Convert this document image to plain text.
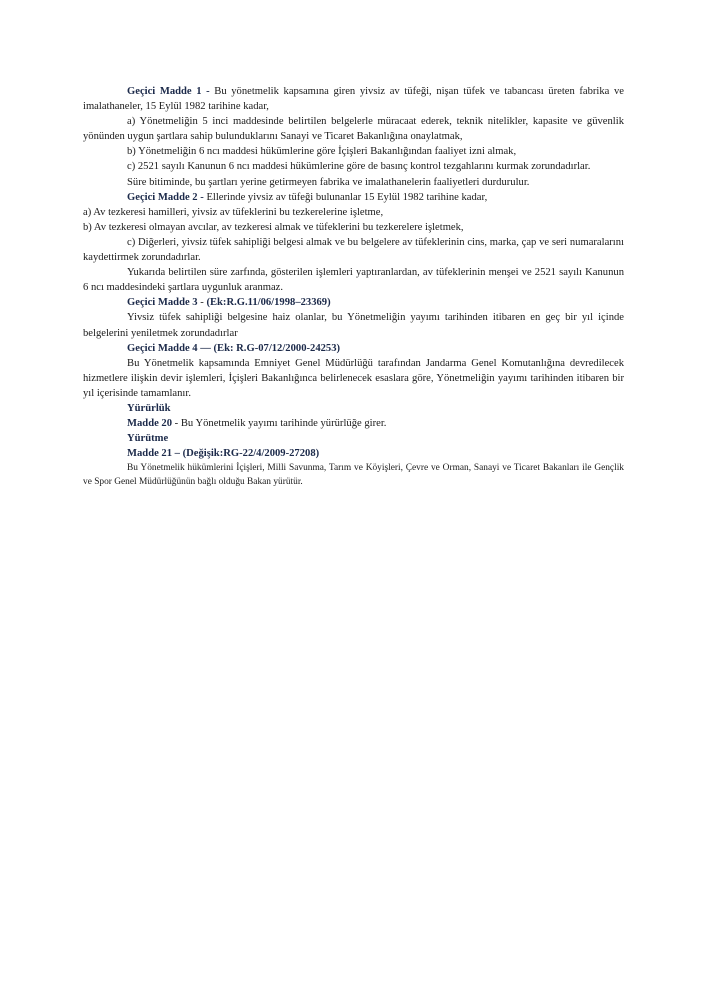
Geçici Madde 1 - Bu yönetmelik kapsamına giren yivsiz av tüfeği, nişan tüfek ve tabancası üreten fabrika ve imalathaneler, 15 Eylül 1982 tarihine kadar,

a) Yönetmeliğin 5 inci maddesinde belirtilen belgelerle müracaat ederek, teknik nitelikler, kapasite ve güvenlik yönünden uygun şartlara sahip bulunduklarını Sanayi ve Ticaret Bakanlığına onaylatmak,

b) Yönetmeliğin 6 ncı maddesi hükümlerine göre İçişleri Bakanlığından faaliyet izni almak,

c) 2521 sayılı Kanunun 6 ncı maddesi hükümlerine göre de basınç kontrol tezgahlarını kurmak zorundadırlar.

Süre bitiminde, bu şartları yerine getirmeyen fabrika ve imalathanelerin faaliyetleri durdurulur.

Geçici Madde 2 - Ellerinde yivsiz av tüfeği bulunanlar 15 Eylül 1982 tarihine kadar,

a) Av tezkeresi hamilleri, yivsiz av tüfeklerini bu tezkerelerine işletme,

b) Av tezkeresi olmayan avcılar, av tezkeresi almak ve tüfeklerini bu tezkerelere işletmek,

c) Diğerleri, yivsiz tüfek sahipliği belgesi almak ve bu belgelere av tüfeklerinin cins, marka, çap ve seri numaralarını kaydettirmek zorundadırlar.

Yukarıda belirtilen süre zarfında, gösterilen işlemleri yaptıranlardan, av tüfeklerinin menşei ve 2521 sayılı Kanunun 6 ncı maddesindeki şartlara uygunluk aranmaz.

Geçici Madde 3 - (Ek:R.G.11/06/1998–23369)

Yivsiz tüfek sahipliği belgesine haiz olanlar, bu Yönetmeliğin yayımı tarihinden itibaren en geç bir yıl içinde belgelerini yeniletmek zorundadırlar

Geçici Madde 4 — (Ek: R.G-07/12/2000-24253)

Bu Yönetmelik kapsamında Emniyet Genel Müdürlüğü tarafından Jandarma Genel Komutanlığına devredilecek hizmetlere ilişkin devir işlemleri, İçişleri Bakanlığınca belirlenecek esaslara göre, Yönetmeliğin yayımı tarihinden itibaren bir yıl içerisinde tamamlanır.

Yürürlük

Madde 20 - Bu Yönetmelik yayımı tarihinde yürürlüğe girer.

Yürütme

Madde 21 – (Değişik:RG-22/4/2009-27208)

Bu Yönetmelik hükümlerini İçişleri, Milli Savunma, Tarım ve Köyişleri, Çevre ve Orman, Sanayi ve Ticaret Bakanları ile Gençlik ve Spor Genel Müdürlüğünün bağlı olduğu Bakan yürütür.
